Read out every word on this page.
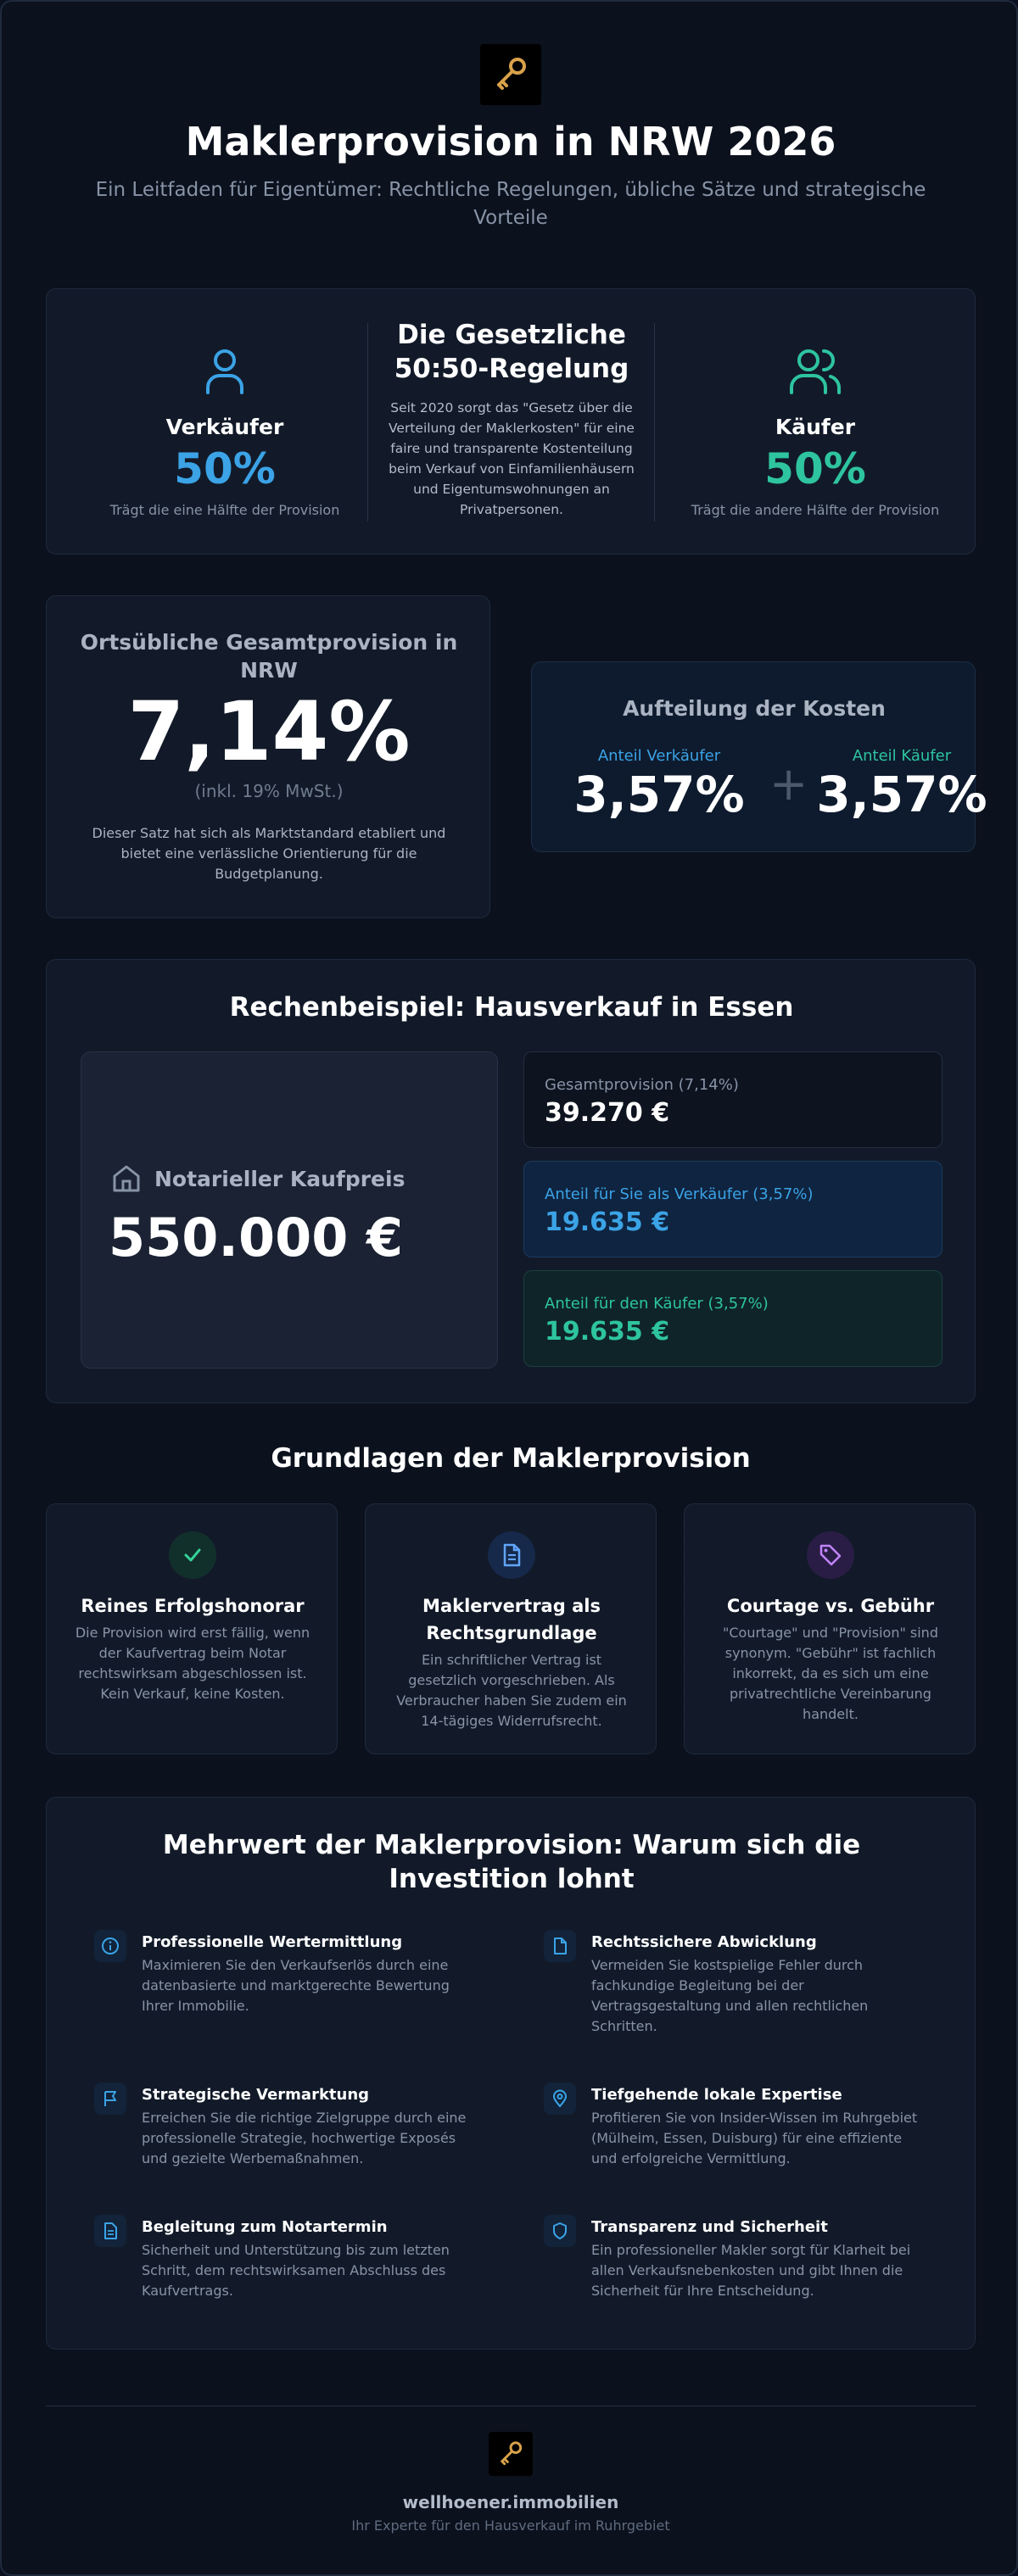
Maklerprovision in NRW 2026
Ein Leitfaden für Eigentümer: Rechtliche Regelungen, übliche Sätze und strategische Vorteile
Verkäufer
50%
Trägt die eine Hälfte der Provision
Die Gesetzliche 50:50-Regelung
Seit 2020 sorgt das "Gesetz über die Verteilung der Maklerkosten" für eine faire und transparente Kostenteilung beim Verkauf von Einfamilienhäusern und Eigentumswohnungen an Privatpersonen.
Käufer
50%
Trägt die andere Hälfte der Provision
Ortsübliche Gesamtprovision in NRW
7,14%
(inkl. 19% MwSt.)
Dieser Satz hat sich als Marktstandard etabliert und bietet eine verlässliche Orientierung für die Budgetplanung.
Aufteilung der Kosten
Anteil Verkäufer
3,57% +
Anteil Käufer
3,57%
Rechenbeispiel: Hausverkauf in Essen
Notarieller Kaufpreis
550.000 €
Gesamtprovision (7,14%)
39.270 €
Anteil für Sie als Verkäufer (3,57%)
19.635 €
Anteil für den Käufer (3,57%)
19.635 €
Grundlagen der Maklerprovision
Reines Erfolgshonorar
Die Provision wird erst fällig, wenn der Kaufvertrag beim Notar rechtswirksam abgeschlossen ist. Kein Verkauf, keine Kosten.
Maklervertrag als Rechtsgrundlage
Ein schriftlicher Vertrag ist gesetzlich vorgeschrieben. Als Verbraucher haben Sie zudem ein 14-tägiges Widerrufsrecht.
Courtage vs. Gebühr
"Courtage" und "Provision" sind synonym. "Gebühr" ist fachlich inkorrekt, da es sich um eine privatrechtliche Vereinbarung handelt.
Mehrwert der Maklerprovision: Warum sich die Investition lohnt
Professionelle Wertermittlung
Maximieren Sie den Verkaufserlös durch eine datenbasierte und marktgerechte Bewertung Ihrer Immobilie.
Rechtssichere Abwicklung
Vermeiden Sie kostspielige Fehler durch fachkundige Begleitung bei der Vertragsgestaltung und allen rechtlichen Schritten.
Strategische Vermarktung
Erreichen Sie die richtige Zielgruppe durch eine professionelle Strategie, hochwertige Exposés und gezielte Werbemaßnahmen.
Tiefgehende lokale Expertise
Profitieren Sie von Insider-Wissen im Ruhrgebiet (Mülheim, Essen, Duisburg) für eine effiziente und erfolgreiche Vermittlung.
Begleitung zum Notartermin
Sicherheit und Unterstützung bis zum letzten Schritt, dem rechtswirksamen Abschluss des Kaufvertrags.
Transparenz und Sicherheit
Ein professioneller Makler sorgt für Klarheit bei allen Verkaufsnebenkosten und gibt Ihnen die Sicherheit für Ihre Entscheidung.
wellhoener.immobilien
Ihr Experte für den Hausverkauf im Ruhrgebiet
